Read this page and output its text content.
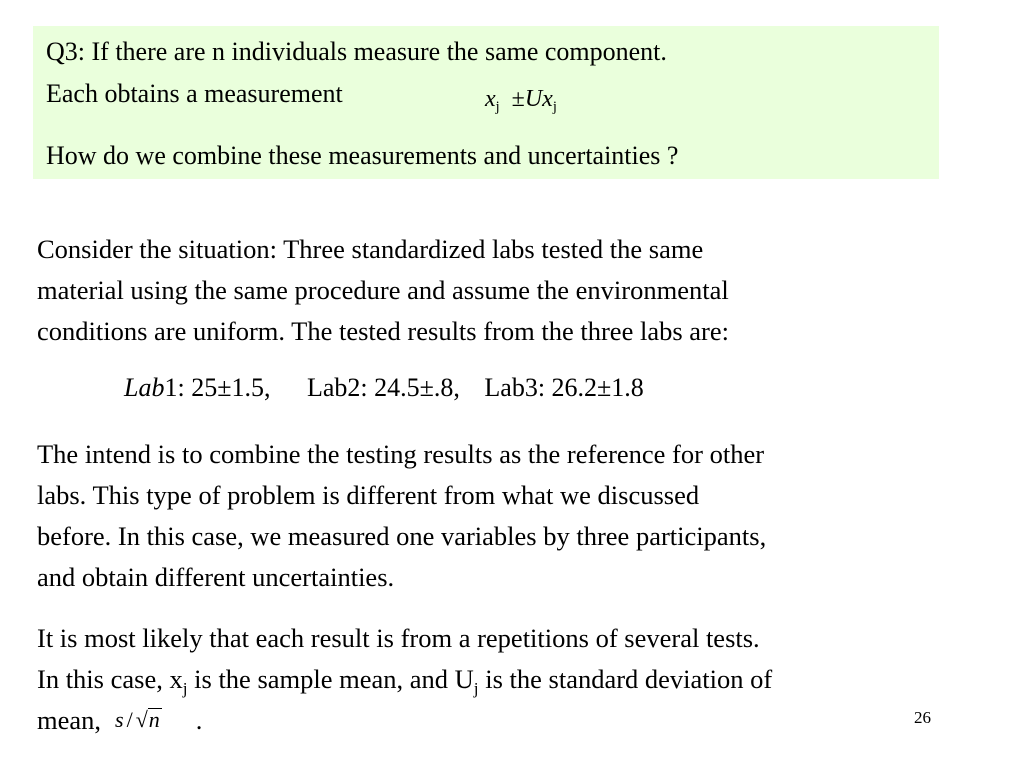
Q3: If there are n individuals measure the same component.
Each obtains a measurement	$x_j \pm Ux_j$
How do we combine these measurements and uncertainties ?
Consider the situation: Three standardized labs tested the same
material using the same procedure and assume the environmental
conditions are uniform. The tested results from the three labs are:
Lab1: 25±1.5, Lab2: 24.5±.8, Lab3: 26.2±1.8
The intend is to combine the testing results as the reference for other
labs. This type of problem is different from what we discussed
before. In this case, we measured one variables by three participants,
and obtain different uncertainties.
It is most likely that each result is from a repetitions of several tests.
In this case, $x_j$ is the sample mean, and $U_j$ is the standard deviation of
mean, s / √n .	26
